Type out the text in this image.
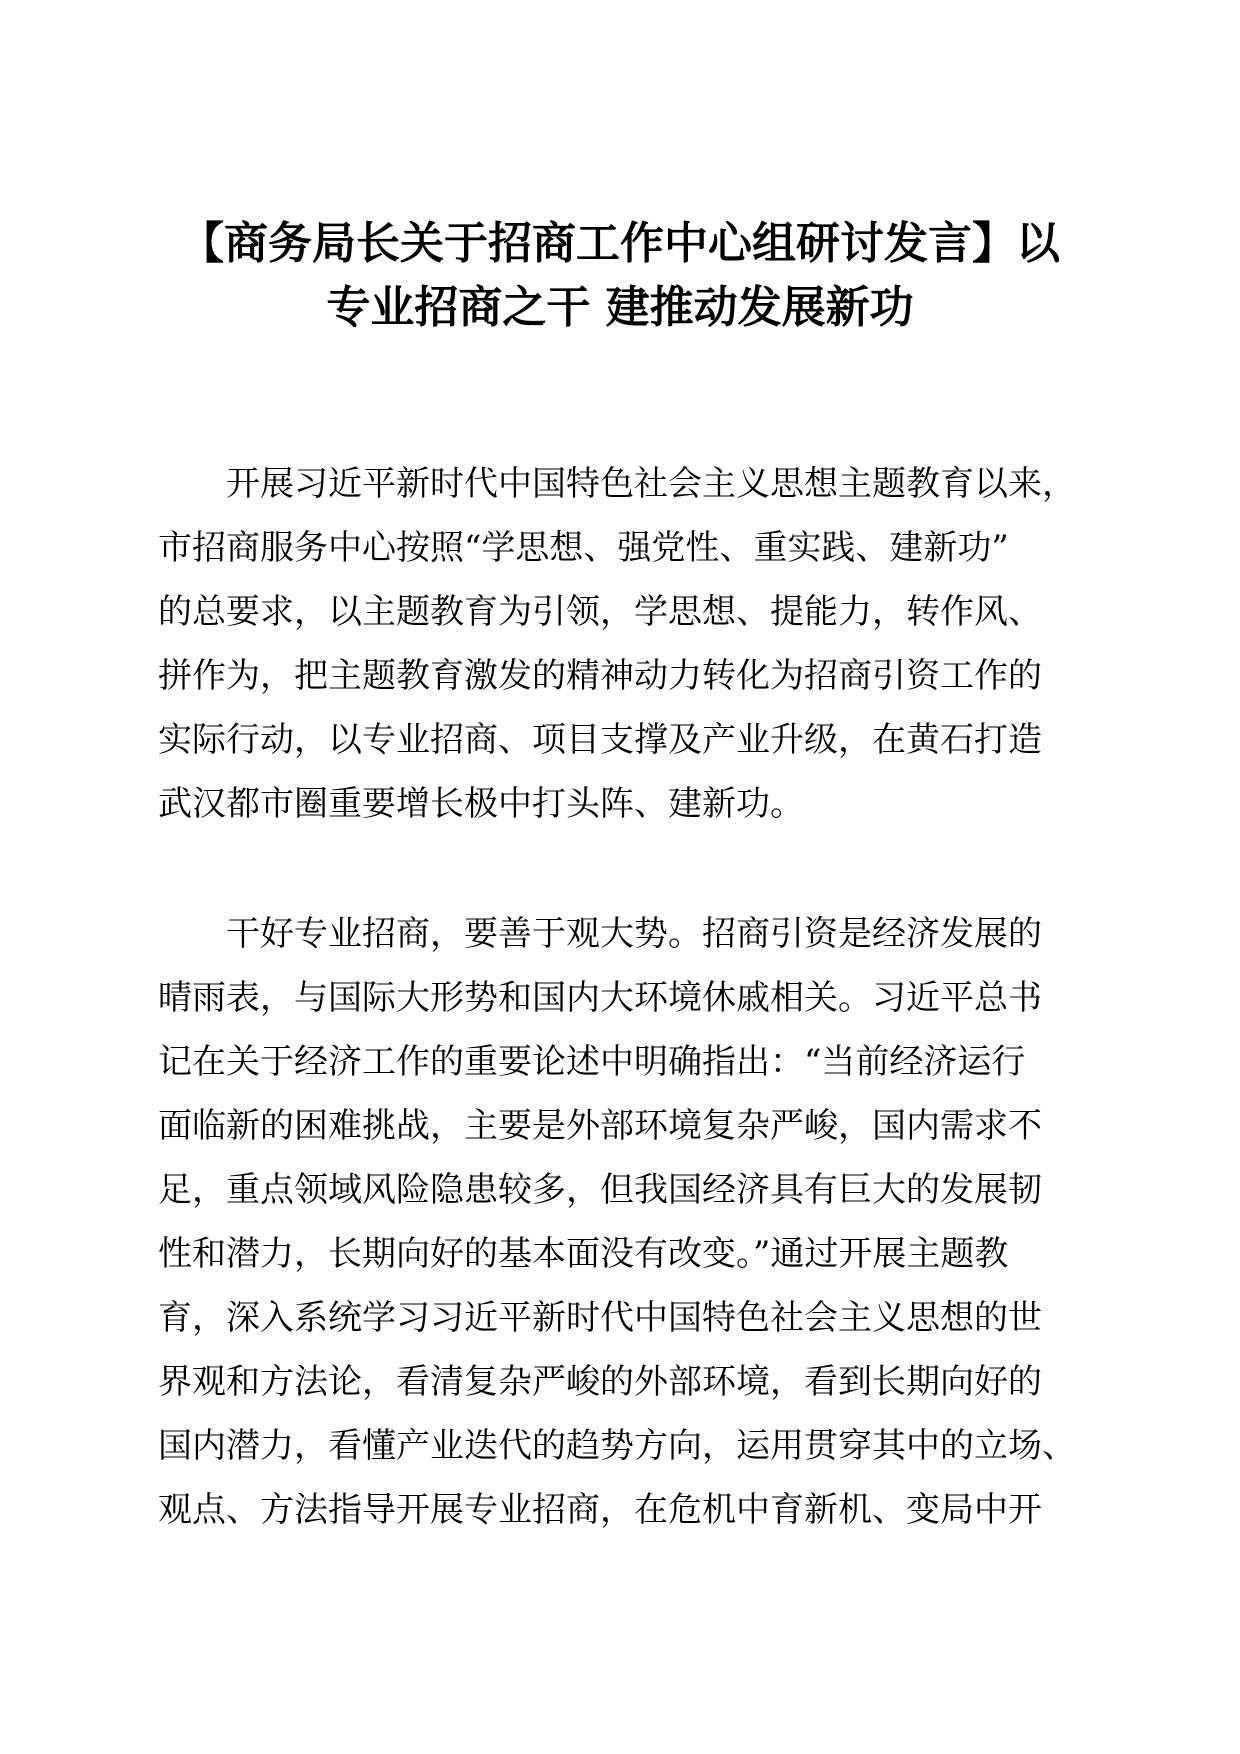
【商务局长关于招商工作中心组研讨发言】以
专业招商之干 建推动发展新功
开展习近平新时代中国特色社会主义思想主题教育以来，
市招商服务中心按照“学思想、强党性、重实践、建新功”
的总要求，以主题教育为引领，学思想、提能力，转作风、
拼作为，把主题教育激发的精神动力转化为招商引资工作的
实际行动，以专业招商、项目支撑及产业升级，在黄石打造
武汉都市圈重要增长极中打头阵、建新功。
干好专业招商，要善于观大势。招商引资是经济发展的
晴雨表，与国际大形势和国内大环境休戚相关。习近平总书
记在关于经济工作的重要论述中明确指出：“当前经济运行
面临新的困难挑战，主要是外部环境复杂严峻，国内需求不
足，重点领域风险隐患较多，但我国经济具有巨大的发展韧
性和潜力，长期向好的基本面没有改变。”通过开展主题教
育，深入系统学习习近平新时代中国特色社会主义思想的世
界观和方法论，看清复杂严峻的外部环境，看到长期向好的
国内潜力，看懂产业迭代的趋势方向，运用贯穿其中的立场、
观点、方法指导开展专业招商，在危机中育新机、变局中开
